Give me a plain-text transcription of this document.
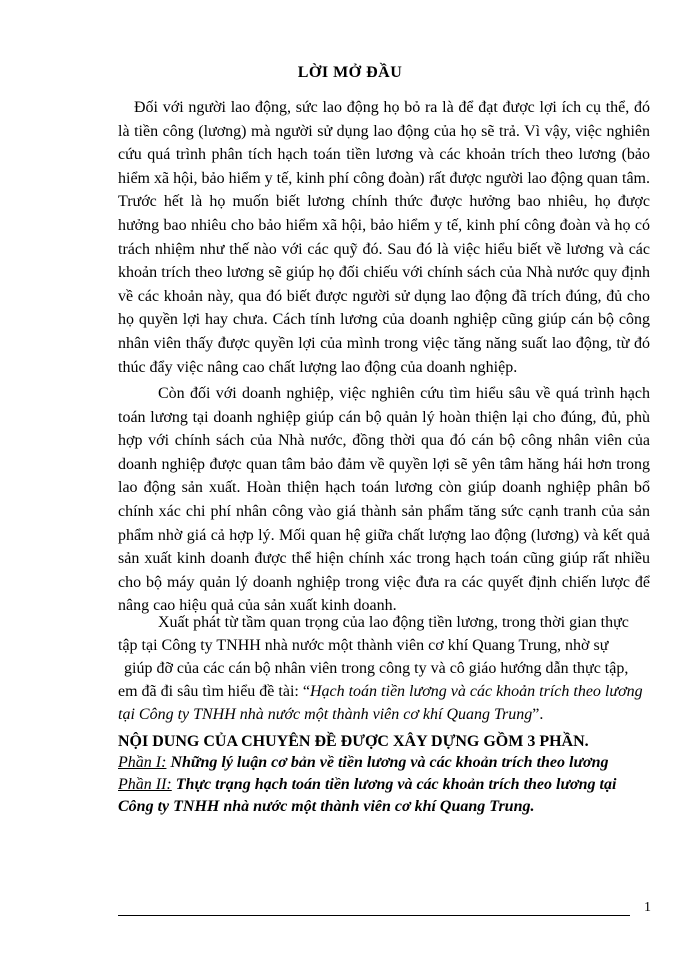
LỜI MỞ ĐẦU

Đối với người lao động, sức lao động họ bỏ ra là để đạt được lợi ích cụ thể, đó là tiền công (lương) mà người sử dụng lao động của họ sẽ trả. Vì vậy, việc nghiên cứu quá trình phân tích hạch toán tiền lương và các khoản trích theo lương (bảo hiểm xã hội, bảo hiểm y tế, kinh phí công đoàn) rất được người lao động quan tâm. Trước hết là họ muốn biết lương chính thức được hưởng bao nhiêu, họ được hưởng bao nhiêu cho bảo hiểm xã hội, bảo hiểm y tế, kinh phí công đoàn và họ có trách nhiệm như thế nào với các quỹ đó. Sau đó là việc hiểu biết về lương và các khoản trích theo lương sẽ giúp họ đối chiếu với chính sách của Nhà nước quy định về các khoản này, qua đó biết được người sử dụng lao động đã trích đúng, đủ cho họ quyền lợi hay chưa. Cách tính lương của doanh nghiệp cũng giúp cán bộ công nhân viên thấy được quyền lợi của mình trong việc tăng năng suất lao động, từ đó thúc đẩy việc nâng cao chất lượng lao động của doanh nghiệp.

Còn đối với doanh nghiệp, việc nghiên cứu tìm hiểu sâu về quá trình hạch toán lương tại doanh nghiệp giúp cán bộ quản lý hoàn thiện lại cho đúng, đủ, phù hợp với chính sách của Nhà nước, đồng thời qua đó cán bộ công nhân viên của doanh nghiệp được quan tâm bảo đảm về quyền lợi sẽ yên tâm hăng hái hơn trong lao động sản xuất. Hoàn thiện hạch toán lương còn giúp doanh nghiệp phân bổ chính xác chi phí nhân công vào giá thành sản phẩm tăng sức cạnh tranh của sản phẩm nhờ giá cả hợp lý. Mối quan hệ giữa chất lượng lao động (lương) và kết quả sản xuất kinh doanh được thể hiện chính xác trong hạch toán cũng giúp rất nhiều cho bộ máy quản lý doanh nghiệp trong việc đưa ra các quyết định chiến lược để nâng cao hiệu quả của sản xuất kinh doanh.

Xuất phát từ tầm quan trọng của lao động tiền lương, trong thời gian thực
tập tại Công ty TNHH nhà nước một thành viên cơ khí Quang Trung, nhờ sự
giúp đỡ của các cán bộ nhân viên trong công ty và cô giáo hướng dẫn thực tập,
em đã đi sâu tìm hiểu đề tài: “Hạch toán tiền lương và các khoản trích theo lương tại Công ty TNHH nhà nước một thành viên cơ khí Quang Trung”.
NỘI DUNG CỦA CHUYÊN ĐỀ ĐƯỢC XÂY DỰNG GỒM 3 PHẦN.
Phần I: Những lý luận cơ bản về tiền lương và các khoản trích theo lương
Phần II: Thực trạng hạch toán tiền lương và các khoản trích theo lương tại
Công ty TNHH nhà nước một thành viên cơ khí Quang Trung.
1
